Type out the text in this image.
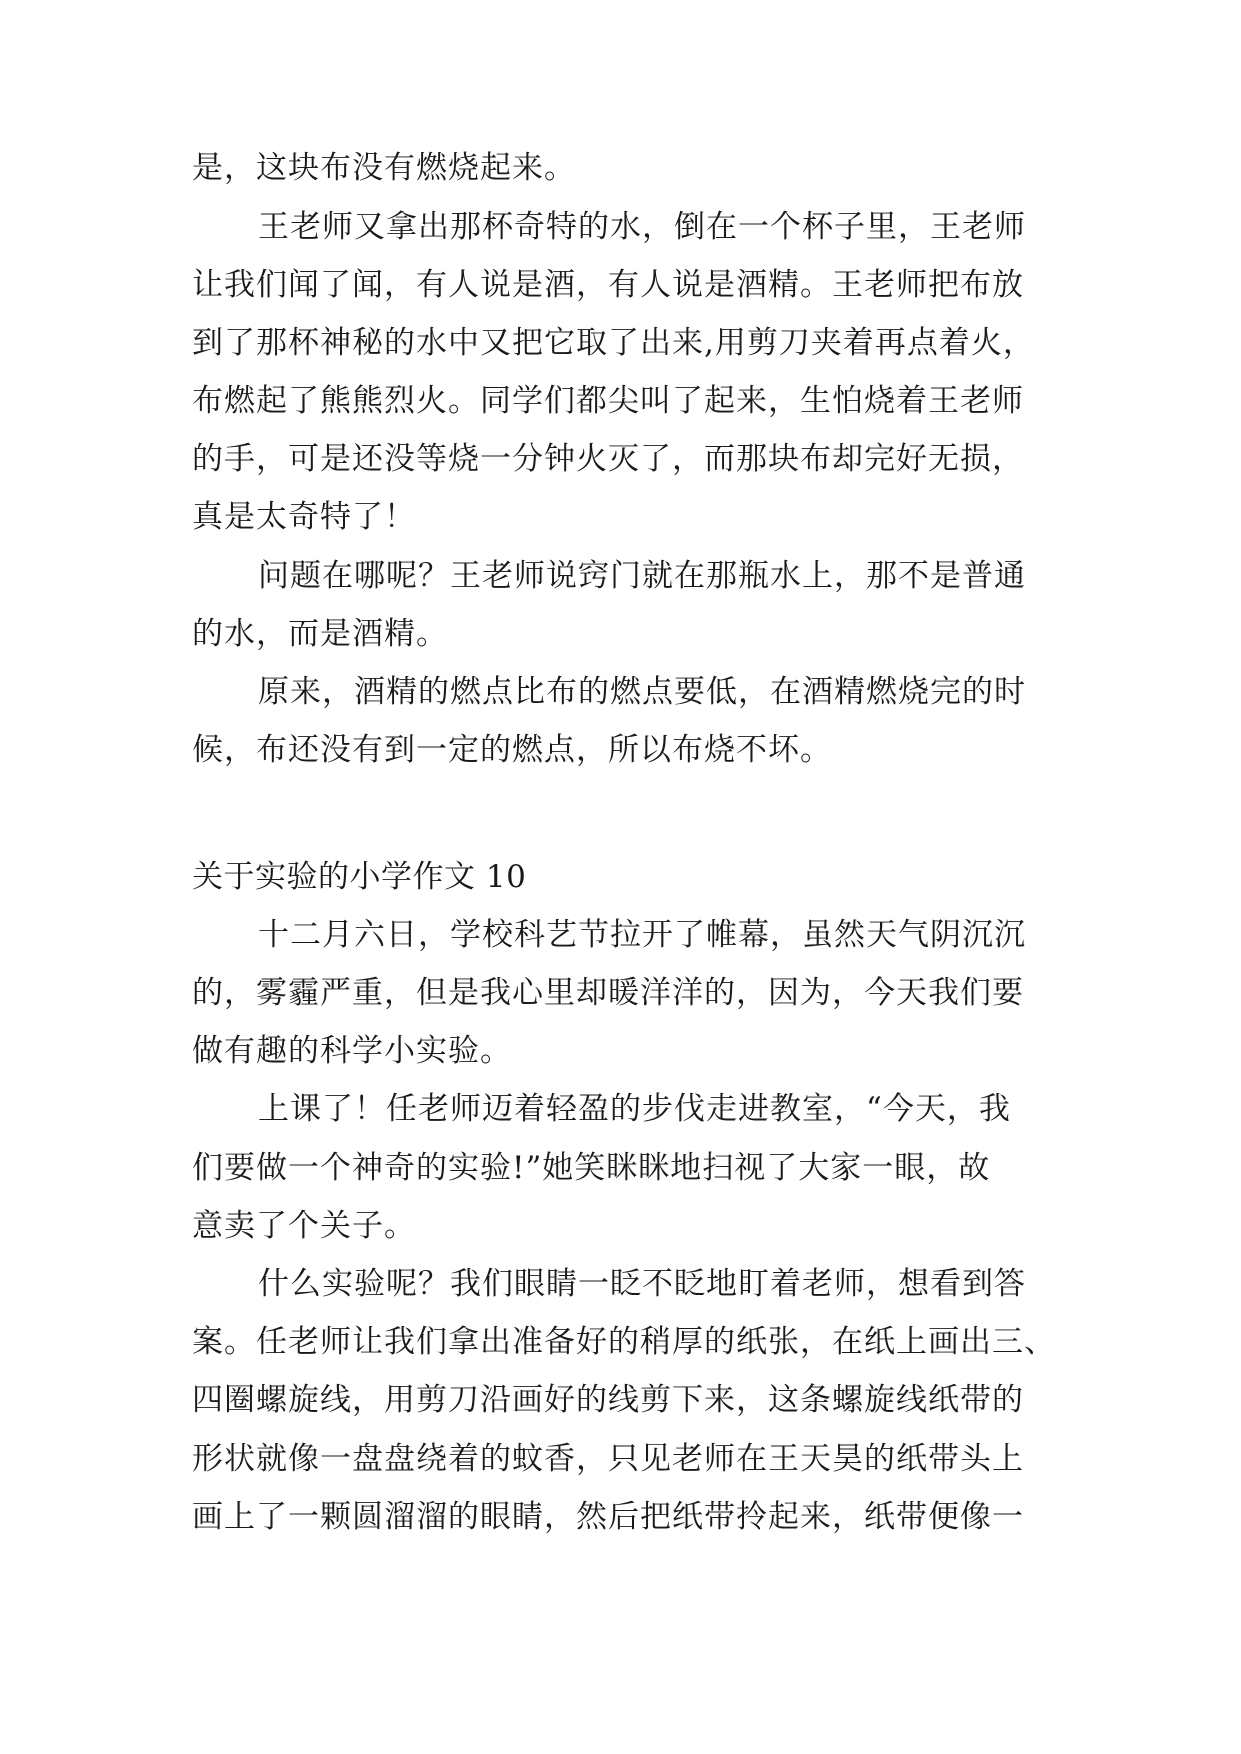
是，这块布没有燃烧起来。
王老师又拿出那杯奇特的水，倒在一个杯子里，王老师
让我们闻了闻，有人说是酒，有人说是酒精。王老师把布放
到了那杯神秘的水中又把它取了出来,用剪刀夹着再点着火，
布燃起了熊熊烈火。同学们都尖叫了起来，生怕烧着王老师
的手，可是还没等烧一分钟火灭了，而那块布却完好无损，
真是太奇特了！
问题在哪呢？王老师说窍门就在那瓶水上，那不是普通
的水，而是酒精。
原来，酒精的燃点比布的燃点要低，在酒精燃烧完的时
候，布还没有到一定的燃点，所以布烧不坏。
关于实验的小学作文 10
十二月六日，学校科艺节拉开了帷幕，虽然天气阴沉沉
的，雾霾严重，但是我心里却暖洋洋的，因为，今天我们要
做有趣的科学小实验。
上课了！任老师迈着轻盈的步伐走进教室，“今天，我
们要做一个神奇的实验!”她笑眯眯地扫视了大家一眼，故
意卖了个关子。
什么实验呢？我们眼睛一眨不眨地盯着老师，想看到答
案。任老师让我们拿出准备好的稍厚的纸张，在纸上画出三、
四圈螺旋线，用剪刀沿画好的线剪下来，这条螺旋线纸带的
形状就像一盘盘绕着的蚊香，只见老师在王天昊的纸带头上
画上了一颗圆溜溜的眼睛，然后把纸带拎起来，纸带便像一
